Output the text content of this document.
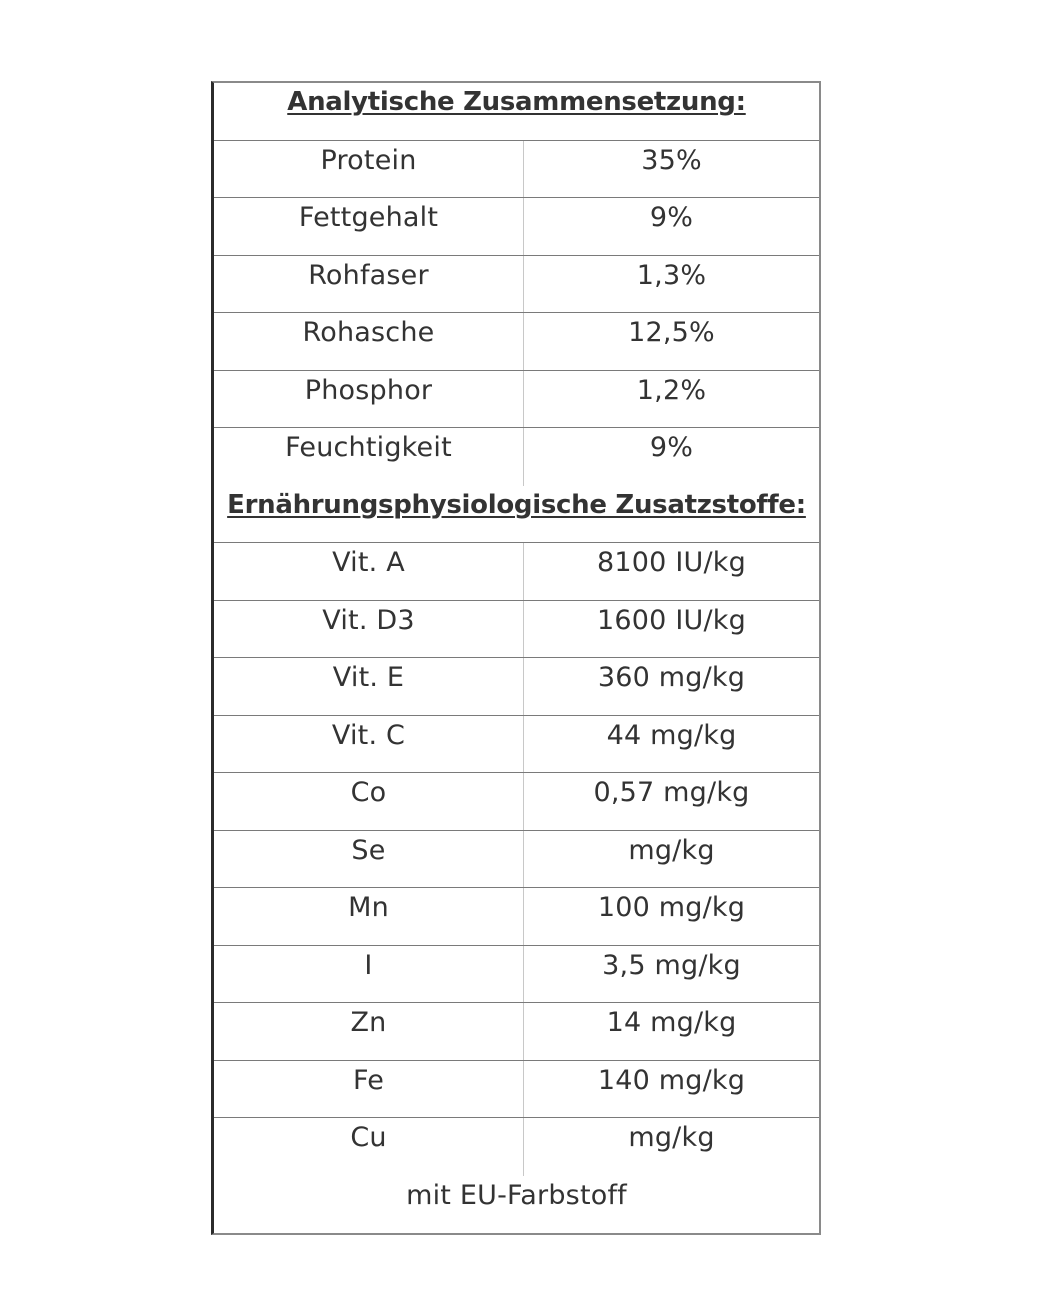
Analytische Zusammensetzung:
Protein	35%
Fettgehalt	9%
Rohfaser	1,3%
Rohasche	12,5%
Phosphor	1,2%
Feuchtigkeit	9%
Ernährungsphysiologische Zusatzstoffe:
Vit. A	8100 IU/kg
Vit. D3	1600 IU/kg
Vit. E	360 mg/kg
Vit. C	44 mg/kg
Co	0,57 mg/kg
Se	mg/kg
Mn	100 mg/kg
I	3,5 mg/kg
Zn	14 mg/kg
Fe	140 mg/kg
Cu	mg/kg
mit EU-Farbstoff
